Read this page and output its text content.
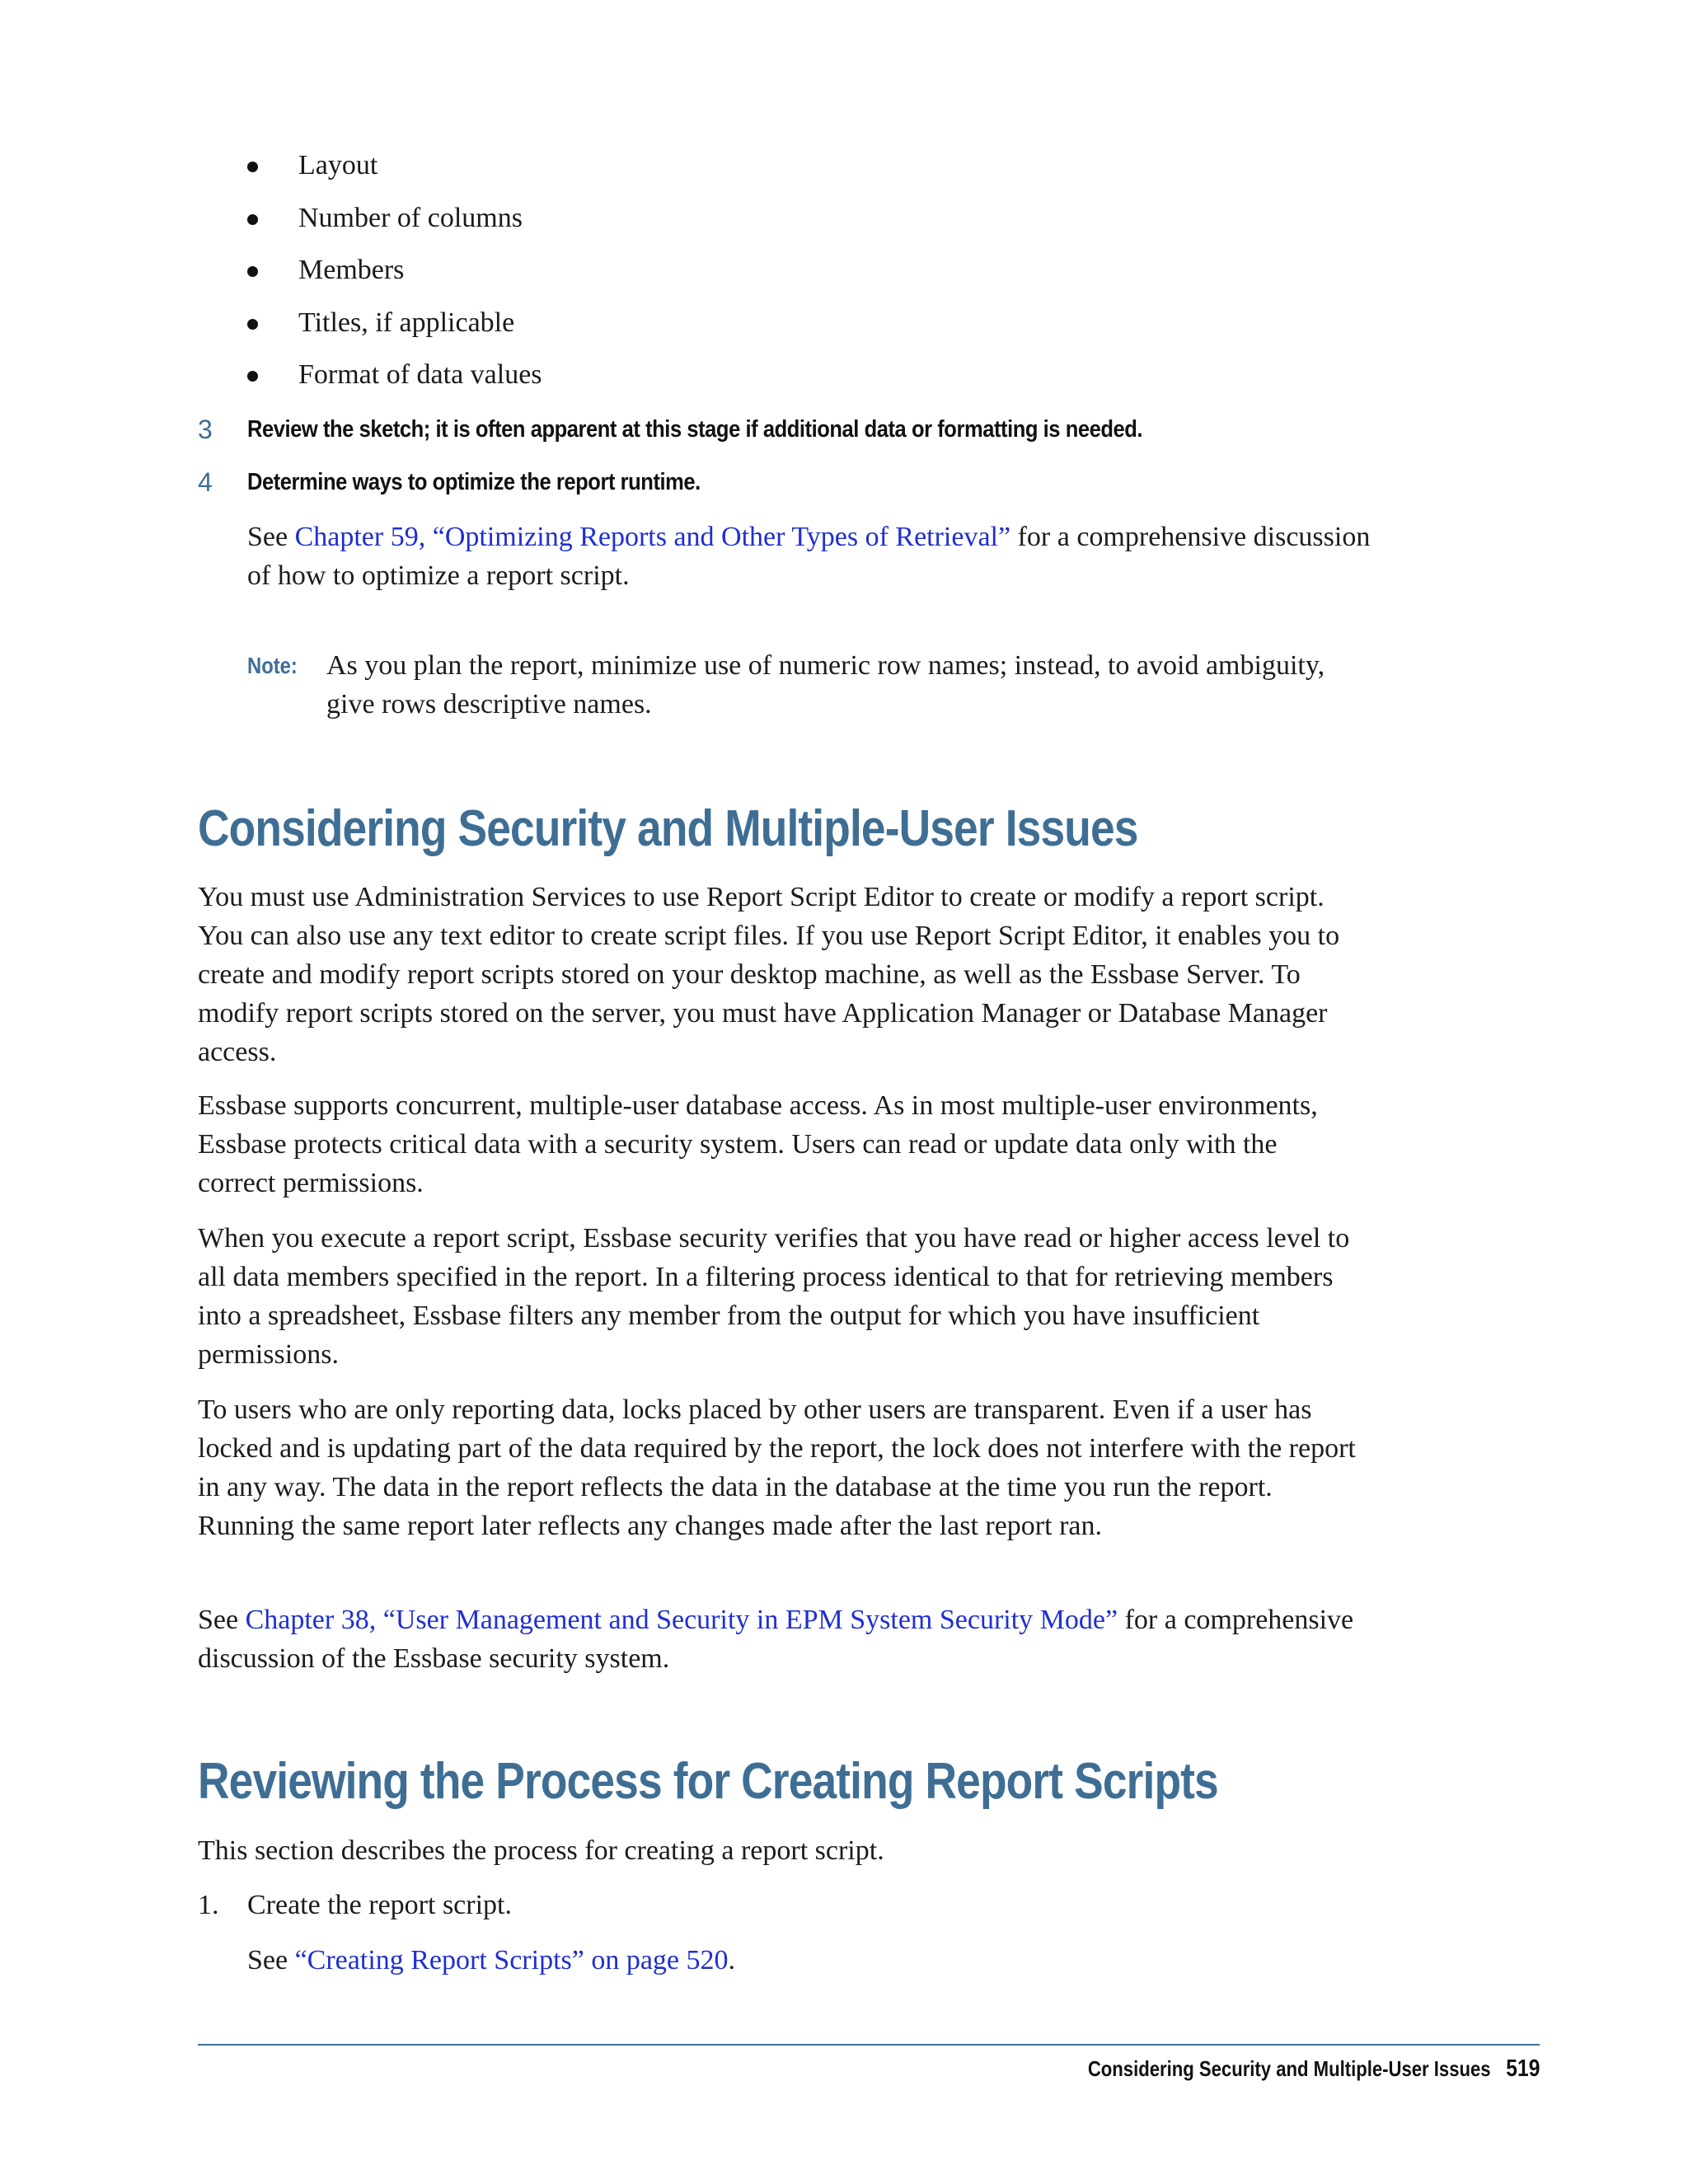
Layout
Number of columns
Members
Titles, if applicable
Format of data values
3 Review the sketch; it is often apparent at this stage if additional data or formatting is needed.

4 Determine ways to optimize the report runtime.

See Chapter 59, “Optimizing Reports and Other Types of Retrieval” for a comprehensive discussion of how to optimize a report script.

Note: As you plan the report, minimize use of numeric row names; instead, to avoid ambiguity, give rows descriptive names.

Considering Security and Multiple-User Issues

You must use Administration Services to use Report Script Editor to create or modify a report script. You can also use any text editor to create script files. If you use Report Script Editor, it enables you to create and modify report scripts stored on your desktop machine, as well as the Essbase Server. To modify report scripts stored on the server, you must have Application Manager or Database Manager access.

Essbase supports concurrent, multiple-user database access. As in most multiple-user environments, Essbase protects critical data with a security system. Users can read or update data only with the correct permissions.

When you execute a report script, Essbase security verifies that you have read or higher access level to all data members specified in the report. In a filtering process identical to that for retrieving members into a spreadsheet, Essbase filters any member from the output for which you have insufficient permissions.

To users who are only reporting data, locks placed by other users are transparent. Even if a user has locked and is updating part of the data required by the report, the lock does not interfere with the report in any way. The data in the report reflects the data in the database at the time you run the report. Running the same report later reflects any changes made after the last report ran.

See Chapter 38, “User Management and Security in EPM System Security Mode” for a comprehensive discussion of the Essbase security system.

Reviewing the Process for Creating Report Scripts

This section describes the process for creating a report script.

1. Create the report script.

See “Creating Report Scripts” on page 520.

Considering Security and Multiple-User Issues 519
